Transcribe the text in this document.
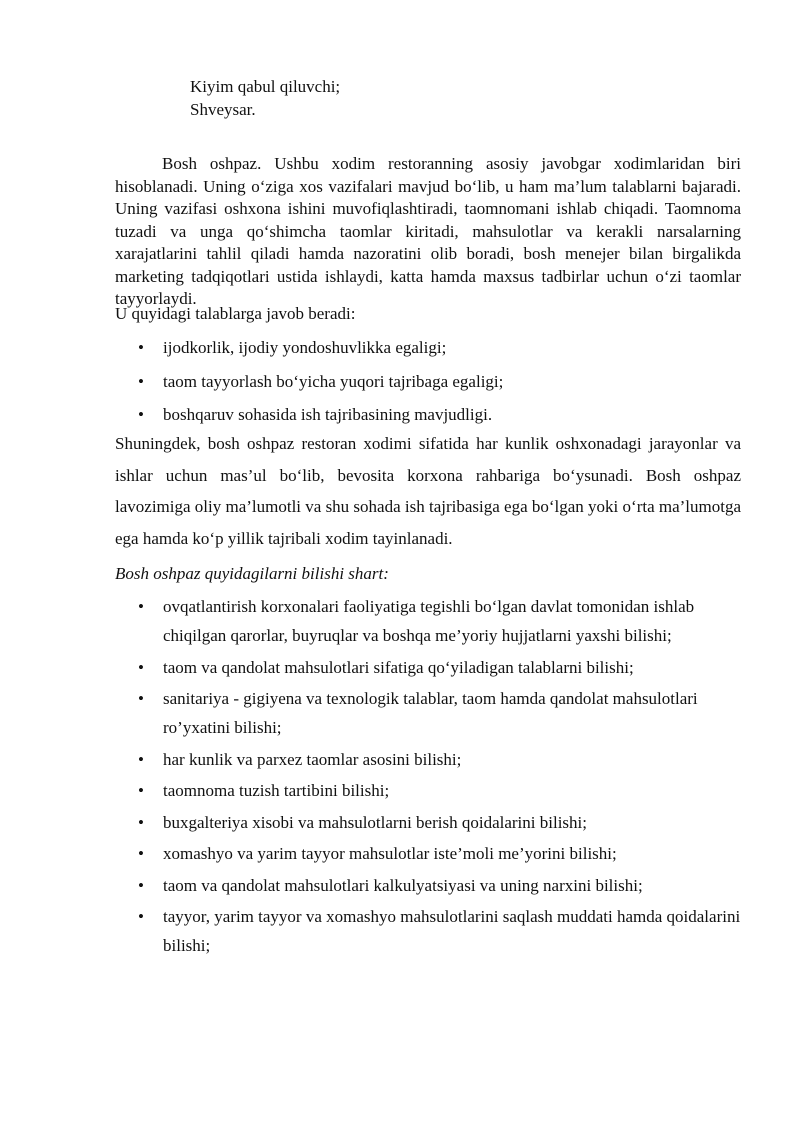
Kiyim qabul qiluvchi;
Shveysar.

Bosh oshpaz. Ushbu xodim restoranning asosiy javobgar xodimlaridan biri hisoblanadi. Uning o‘ziga xos vazifalari mavjud bo‘lib, u ham ma’lum talablarni bajaradi. Uning vazifasi oshxona ishini muvofiqlashtiradi, taomnomani ishlab chiqadi. Taomnoma tuzadi va unga qo‘shimcha taomlar kiritadi, mahsulotlar va kerakli narsalarning xarajatlarini tahlil qiladi hamda nazoratini olib boradi, bosh menejer bilan birgalikda marketing tadqiqotlari ustida ishlaydi, katta hamda maxsus tadbirlar uchun o‘zi taomlar tayyorlaydi.

U quyidagi talablarga javob beradi:
• ijodkorlik, ijodiy yondoshuvlikka egaligi;
• taom tayyorlash bo‘yicha yuqori tajribaga egaligi;
• boshqaruv sohasida ish tajribasining mavjudligi.

Shuningdek, bosh oshpaz restoran xodimi sifatida har kunlik oshxonadagi jarayonlar va ishlar uchun mas’ul bo‘lib, bevosita korxona rahbariga bo‘ysunadi. Bosh oshpaz lavozimiga oliy ma’lumotli va shu sohada ish tajribasiga ega bo‘lgan yoki o‘rta ma’lumotga ega hamda ko‘p yillik tajribali xodim tayinlanadi.

Bosh oshpaz quyidagilarni bilishi shart:
• ovqatlantirish korxonalari faoliyatiga tegishli bo‘lgan davlat tomonidan ishlab chiqilgan qarorlar, buyruqlar va boshqa me’yoriy hujjatlarni yaxshi bilishi;
• taom va qandolat mahsulotlari sifatiga qo‘yiladigan talablarni bilishi;
• sanitariya - gigiyena va texnologik talablar, taom hamda qandolat mahsulotlari ro’yxatini bilishi;
• har kunlik va parxez taomlar asosini bilishi;
• taomnoma tuzish tartibini bilishi;
• buxgalteriya xisobi va mahsulotlarni berish qoidalarini bilishi;
• xomashyo va yarim tayyor mahsulotlar iste’moli me’yorini bilishi;
• taom va qandolat mahsulotlari kalkulyatsiyasi va uning narxini bilishi;
• tayyor, yarim tayyor va xomashyo mahsulotlarini saqlash muddati hamda qoidalarini bilishi;
